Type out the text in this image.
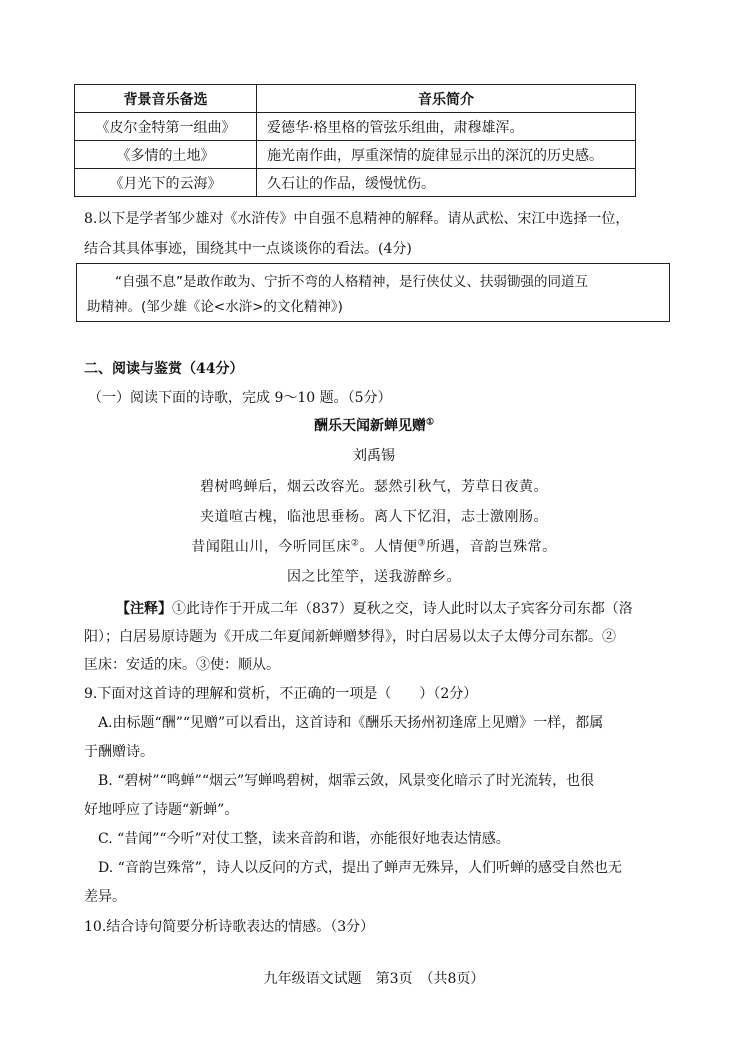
背景音乐备选	音乐简介
《皮尔金特第一组曲》	爱德华·格里格的管弦乐组曲，肃穆雄浑。
《多情的土地》	施光南作曲，厚重深情的旋律显示出的深沉的历史感。
《月光下的云海》	久石让的作品，缓慢忧伤。
8.以下是学者邹少雄对《水浒传》中自强不息精神的解释。请从武松、宋江中选择一位，
结合其具体事迹，围绕其中一点谈谈你的看法。(4分)
“自强不息”是敢作敢为、宁折不弯的人格精神，是行侠仗义、扶弱锄强的同道互
助精神。(邹少雄《论<水浒>的文化精神》)
二、阅读与鉴赏（44分）
（一）阅读下面的诗歌，完成 9～10 题。（5分）
酬乐天闻新蝉见赠①
刘禹锡
碧树鸣蝉后，烟云改容光。瑟然引秋气，芳草日夜黄。
夹道喧古槐，临池思垂杨。离人下忆泪，志士激刚肠。
昔闻阻山川，今听同匡床②。人情便③所遇，音韵岂殊常。
因之比笙竽，送我游醉乡。
【注释】①此诗作于开成二年（837）夏秋之交，诗人此时以太子宾客分司东都（洛
阳）；白居易原诗题为《开成二年夏闻新蝉赠梦得》，时白居易以太子太傅分司东都。②
匡床：安适的床。③使：顺从。
9.下面对这首诗的理解和赏析，不正确的一项是（　　）（2分）
A.由标题“酬”“见赠”可以看出，这首诗和《酬乐天扬州初逢席上见赠》一样，都属
于酬赠诗。
B. “碧树”“鸣蝉”“烟云”写蝉鸣碧树，烟霏云敛，风景变化暗示了时光流转，也很
好地呼应了诗题“新蝉”。
C. “昔闻”“今听”对仗工整，读来音韵和谐，亦能很好地表达情感。
D. “音韵岂殊常”，诗人以反问的方式，提出了蝉声无殊异，人们听蝉的感受自然也无
差异。
10.结合诗句简要分析诗歌表达的情感。（3分）
九年级语文试题　第3页　（共8页）
